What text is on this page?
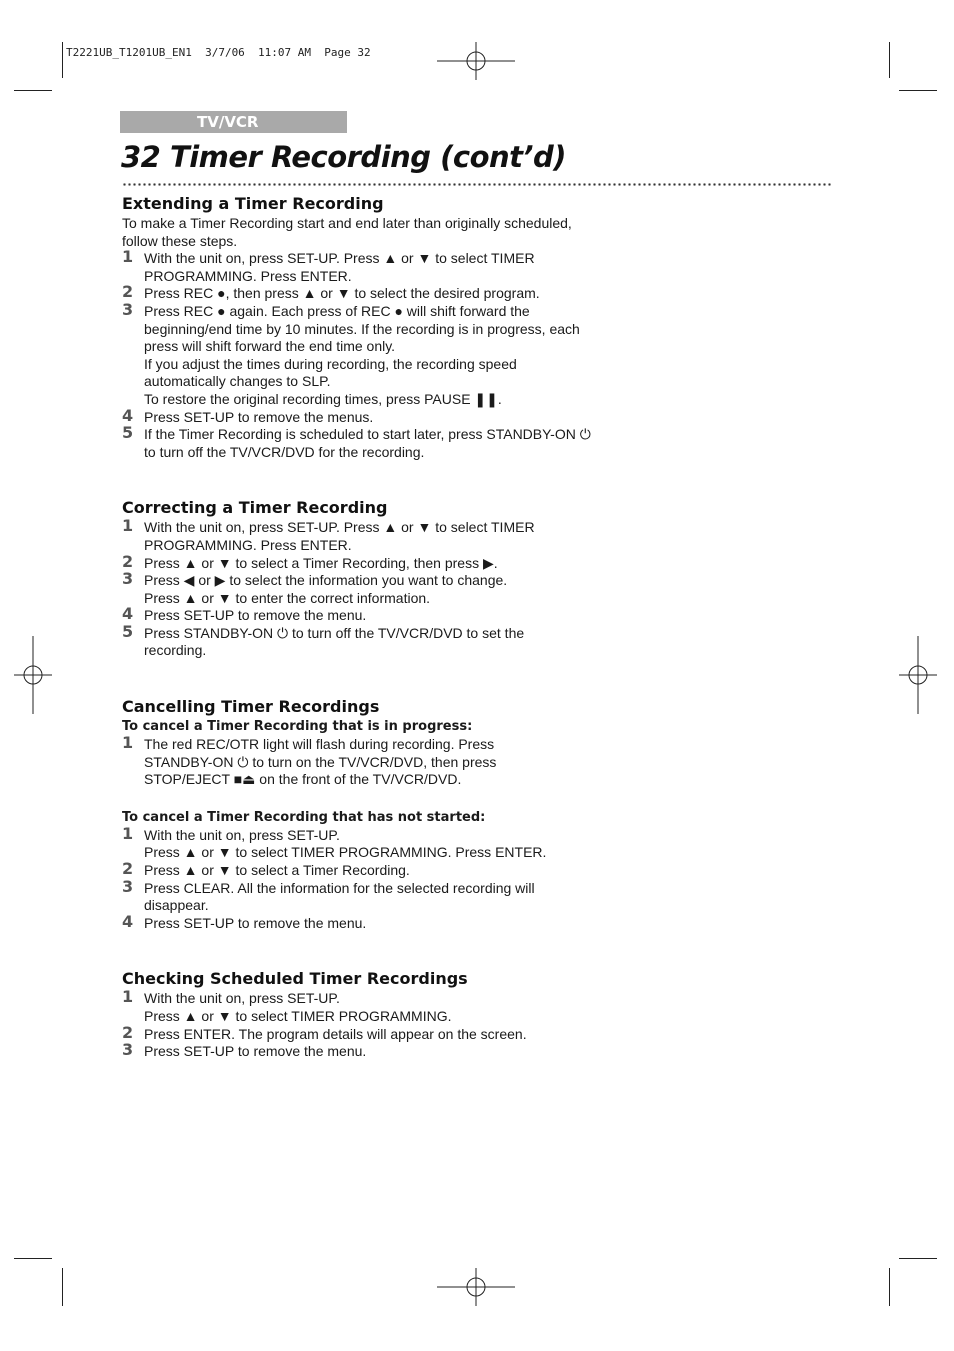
T2221UB_T1201UB_EN1  3/7/06  11:07 AM  Page 32
TV/VCR
32 Timer Recording (cont’d)
Extending a Timer Recording

To make a Timer Recording start and end later than originally scheduled,
follow these steps.

1 With the unit on, press SET-UP. Press ▲ or ▼ to select TIMER
PROGRAMMING. Press ENTER.
2 Press REC ●, then press ▲ or ▼ to select the desired program.
3 Press REC ● again. Each press of REC ● will shift forward the
beginning/end time by 10 minutes. If the recording is in progress, each
press will shift forward the end time only.
If you adjust the times during recording, the recording speed
automatically changes to SLP.
To restore the original recording times, press PAUSE ❚❚.
4 Press SET-UP to remove the menus.
5 If the Timer Recording is scheduled to start later, press STANDBY-ON ⏻
to turn off the TV/VCR/DVD for the recording.
Correcting a Timer Recording
1 With the unit on, press SET-UP. Press ▲ or ▼ to select TIMER
PROGRAMMING. Press ENTER.
2 Press ▲ or ▼ to select a Timer Recording, then press ▶.
3 Press ◀ or ▶ to select the information you want to change.
Press ▲ or ▼ to enter the correct information.
4 Press SET-UP to remove the menu.
5 Press STANDBY-ON ⏻ to turn off the TV/VCR/DVD to set the
recording.
Cancelling Timer Recordings

To cancel a Timer Recording that is in progress:

1 The red REC/OTR light will flash during recording. Press
STANDBY-ON ⏻ to turn on the TV/VCR/DVD, then press
STOP/EJECT ■⏏ on the front of the TV/VCR/DVD.

To cancel a Timer Recording that has not started:

1 With the unit on, press SET-UP.
Press ▲ or ▼ to select TIMER PROGRAMMING. Press ENTER.
2 Press ▲ or ▼ to select a Timer Recording.
3 Press CLEAR. All the information for the selected recording will
disappear.
4 Press SET-UP to remove the menu.
Checking Scheduled Timer Recordings
1 With the unit on, press SET-UP.
Press ▲ or ▼ to select TIMER PROGRAMMING.
2 Press ENTER. The program details will appear on the screen.
3 Press SET-UP to remove the menu.
